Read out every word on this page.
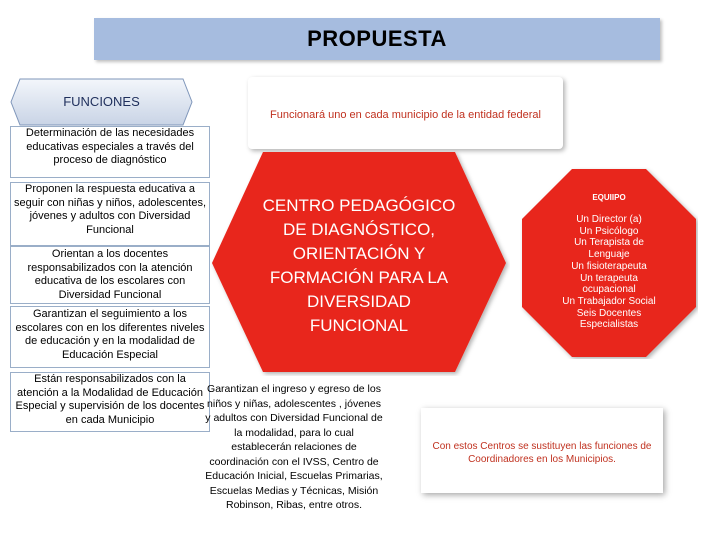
PROPUESTA
FUNCIONES
Funcionará uno en cada municipio de la entidad federal
Determinación de las necesidades educativas especiales a través del proceso de diagnóstico
Proponen la respuesta educativa a seguir con niñas y niños, adolescentes, jóvenes y adultos con Diversidad Funcional
Orientan a los docentes responsabilizados con la atención educativa de los escolares con Diversidad Funcional
Garantizan el seguimiento a los escolares con en los diferentes niveles de educación y en la modalidad de Educación Especial
Están responsabilizados con la atención a la Modalidad de Educación Especial y supervisión de los docentes en cada Municipio
CENTRO PEDAGÓGICO
DE DIAGNÓSTICO,
ORIENTACIÓN Y
FORMACIÓN PARA LA
DIVERSIDAD
FUNCIONAL
EQUIIPO
Un Director (a)
Un Psicólogo
Un Terapista de
Lenguaje
Un fisioterapeuta
Un terapeuta
ocupacional
Un Trabajador Social
Seis Docentes
Especialistas
Garantizan el ingreso y egreso de los niños y niñas, adolescentes , jóvenes y adultos con Diversidad Funcional de la modalidad, para lo cual establecerán relaciones de coordinación con el IVSS, Centro de Educación Inicial, Escuelas Primarias, Escuelas Medias y Técnicas, Misión Robinson, Ribas, entre otros.
Con estos Centros se sustituyen las funciones de Coordinadores en los Municipios.
